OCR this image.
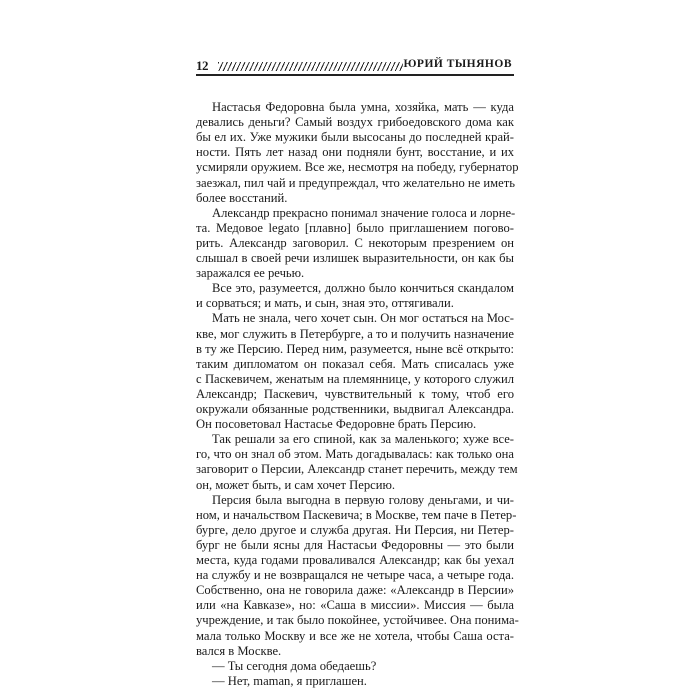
12	ЮРИЙ ТЫНЯНОВ
Настасья Федоровна была умна, хозяйка, мать — куда
девались деньги? Самый воздух грибоедовского дома как
бы ел их. Уже мужики были высосаны до последней край-
ности. Пять лет назад они подняли бунт, восстание, и их
усмиряли оружием. Все же, несмотря на победу, губернатор
заезжал, пил чай и предупреждал, что желательно не иметь
более восстаний.
Александр прекрасно понимал значение голоса и лорне-
та. Медовое legato [плавно] было приглашением погово-
рить. Александр заговорил. С некоторым презрением он
слышал в своей речи излишек выразительности, он как бы
заражался ее речью.
Все это, разумеется, должно было кончиться скандалом
и сорваться; и мать, и сын, зная это, оттягивали.
Мать не знала, чего хочет сын. Он мог остаться на Мос-
кве, мог служить в Петербурге, а то и получить назначение
в ту же Персию. Перед ним, разумеется, ныне всё открыто:
таким дипломатом он показал себя. Мать списалась уже
с Паскевичем, женатым на племяннице, у которого служил
Александр; Паскевич, чувствительный к тому, чтоб его
окружали обязанные родственники, выдвигал Александра.
Он посоветовал Настасье Федоровне брать Персию.
Так решали за его спиной, как за маленького; хуже все-
го, что он знал об этом. Мать догадывалась: как только она
заговорит о Персии, Александр станет перечить, между тем
он, может быть, и сам хочет Персию.
Персия была выгодна в первую голову деньгами, и чи-
ном, и начальством Паскевича; в Москве, тем паче в Петер-
бурге, дело другое и служба другая. Ни Персия, ни Петер-
бург не были ясны для Настасьи Федоровны — это были
места, куда годами проваливался Александр; как бы уехал
на службу и не возвращался не четыре часа, а четыре года.
Собственно, она не говорила даже: «Александр в Персии»
или «на Кавказе», но: «Саша в миссии». Миссия — была
учреждение, и так было покойнее, устойчивее. Она понима-
мала только Москву и все же не хотела, чтобы Саша оста-
вался в Москве.
— Ты сегодня дома обедаешь?
— Нет, maman, я приглашен.
